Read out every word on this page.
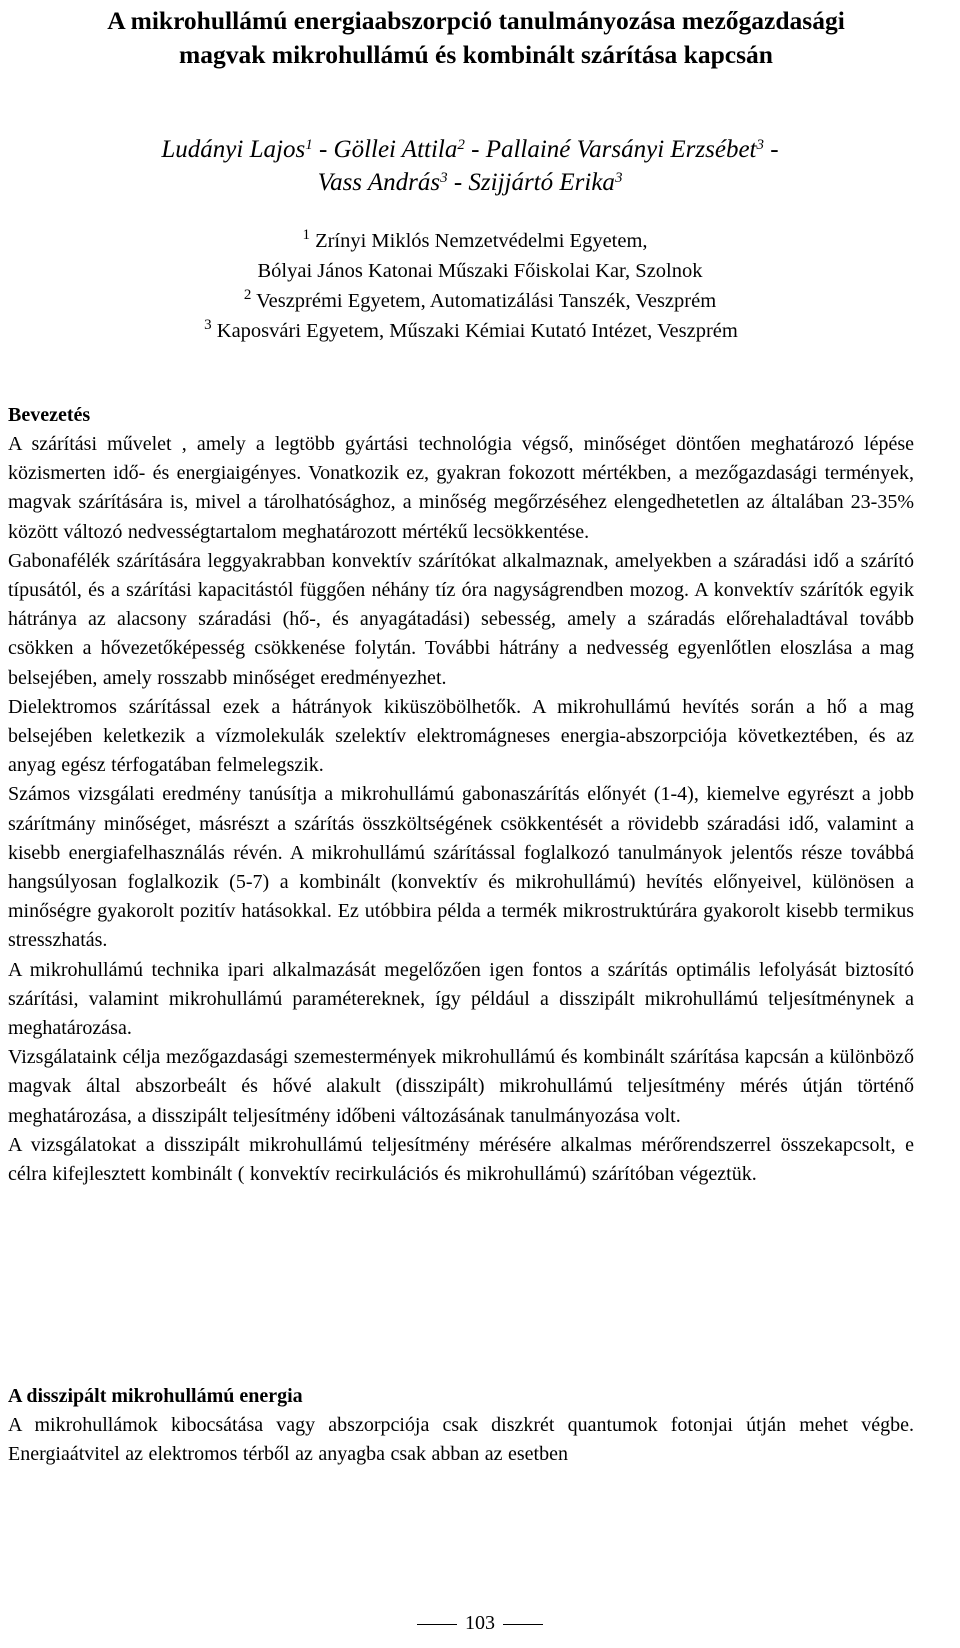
A mikrohullámú energiaabszorpció tanulmányozása mezőgazdasági
magvak mikrohullámú és kombinált szárítása kapcsán
Ludányi Lajos$^1$ - Göllei Attila$^2$ - Pallainé Varsányi Erzsébet$^3$ -
Vass András$^3$ - Szijjártó Erika$^3$
$^1$ Zrínyi Miklós Nemzetvédelmi Egyetem,
Bólyai János Katonai Műszaki Főiskolai Kar, Szolnok
$^2$ Veszprémi Egyetem, Automatizálási Tanszék, Veszprém
$^3$ Kaposvári Egyetem, Műszaki Kémiai Kutató Intézet, Veszprém
Bevezetés

A szárítási művelet , amely a legtöbb gyártási technológia végső, minőséget döntően meghatározó lépése közismerten idő- és energiaigényes. Vonatkozik ez, gyakran fokozott mértékben, a mezőgazdasági termények, magvak szárítására is, mivel a tárolhatósághoz, a minőség megőrzéséhez elengedhetetlen az általában 23-35% között változó nedvességtartalom meghatározott mértékű lecsökkentése.

Gabonafélék szárítására leggyakrabban konvektív szárítókat alkalmaznak, amelyekben a száradási idő a szárító típusától, és a szárítási kapacitástól függően néhány tíz óra nagyságrendben mozog. A konvektív szárítók egyik hátránya az alacsony száradási (hő-, és anyagátadási) sebesség, amely a száradás előrehaladtával tovább csökken a hővezetőképesség csökkenése folytán. További hátrány a nedvesség egyenlőtlen eloszlása a mag belsejében, amely rosszabb minőséget eredményezhet.

Dielektromos szárítással ezek a hátrányok kiküszöbölhetők. A mikrohullámú hevítés során a hő a mag belsejében keletkezik a vízmolekulák szelektív elektromágneses energia-abszorpciója következtében, és az anyag egész térfogatában felmelegszik.

Számos vizsgálati eredmény tanúsítja a mikrohullámú gabonaszárítás előnyét (1-4), kiemelve egyrészt a jobb szárítmány minőséget, másrészt a szárítás összköltségének csökkentését a rövidebb száradási idő, valamint a kisebb energiafelhasználás révén. A mikrohullámú szárítással foglalkozó tanulmányok jelentős része továbbá hangsúlyosan foglalkozik (5-7) a kombinált (konvektív és mikrohullámú) hevítés előnyeivel, különösen a minőségre gyakorolt pozitív hatásokkal. Ez utóbbira példa a termék mikrostruktúrára gyakorolt kisebb termikus stresszhatás.

A mikrohullámú technika ipari alkalmazását megelőzően igen fontos a szárítás optimális lefolyását biztosító szárítási, valamint mikrohullámú paramétereknek, így például a disszipált mikrohullámú teljesítménynek a meghatározása.

Vizsgálataink célja mezőgazdasági szemestermények mikrohullámú és kombinált szárítása kapcsán a különböző magvak által abszorbeált és hővé alakult (disszipált) mikrohullámú teljesítmény mérés útján történő meghatározása, a disszipált teljesítmény időbeni változásának tanulmányozása volt.

A vizsgálatokat a disszipált mikrohullámú teljesítmény mérésére alkalmas mérőrendszerrel összekapcsolt, e célra kifejlesztett kombinált ( konvektív recirkulációs és mikrohullámú) szárítóban végeztük.

A disszipált mikrohullámú energia

A mikrohullámok kibocsátása vagy abszorpciója csak diszkrét quantumok fotonjai útján mehet végbe. Energiaátvitel az elektromos térből az anyagba csak abban az esetben

103
